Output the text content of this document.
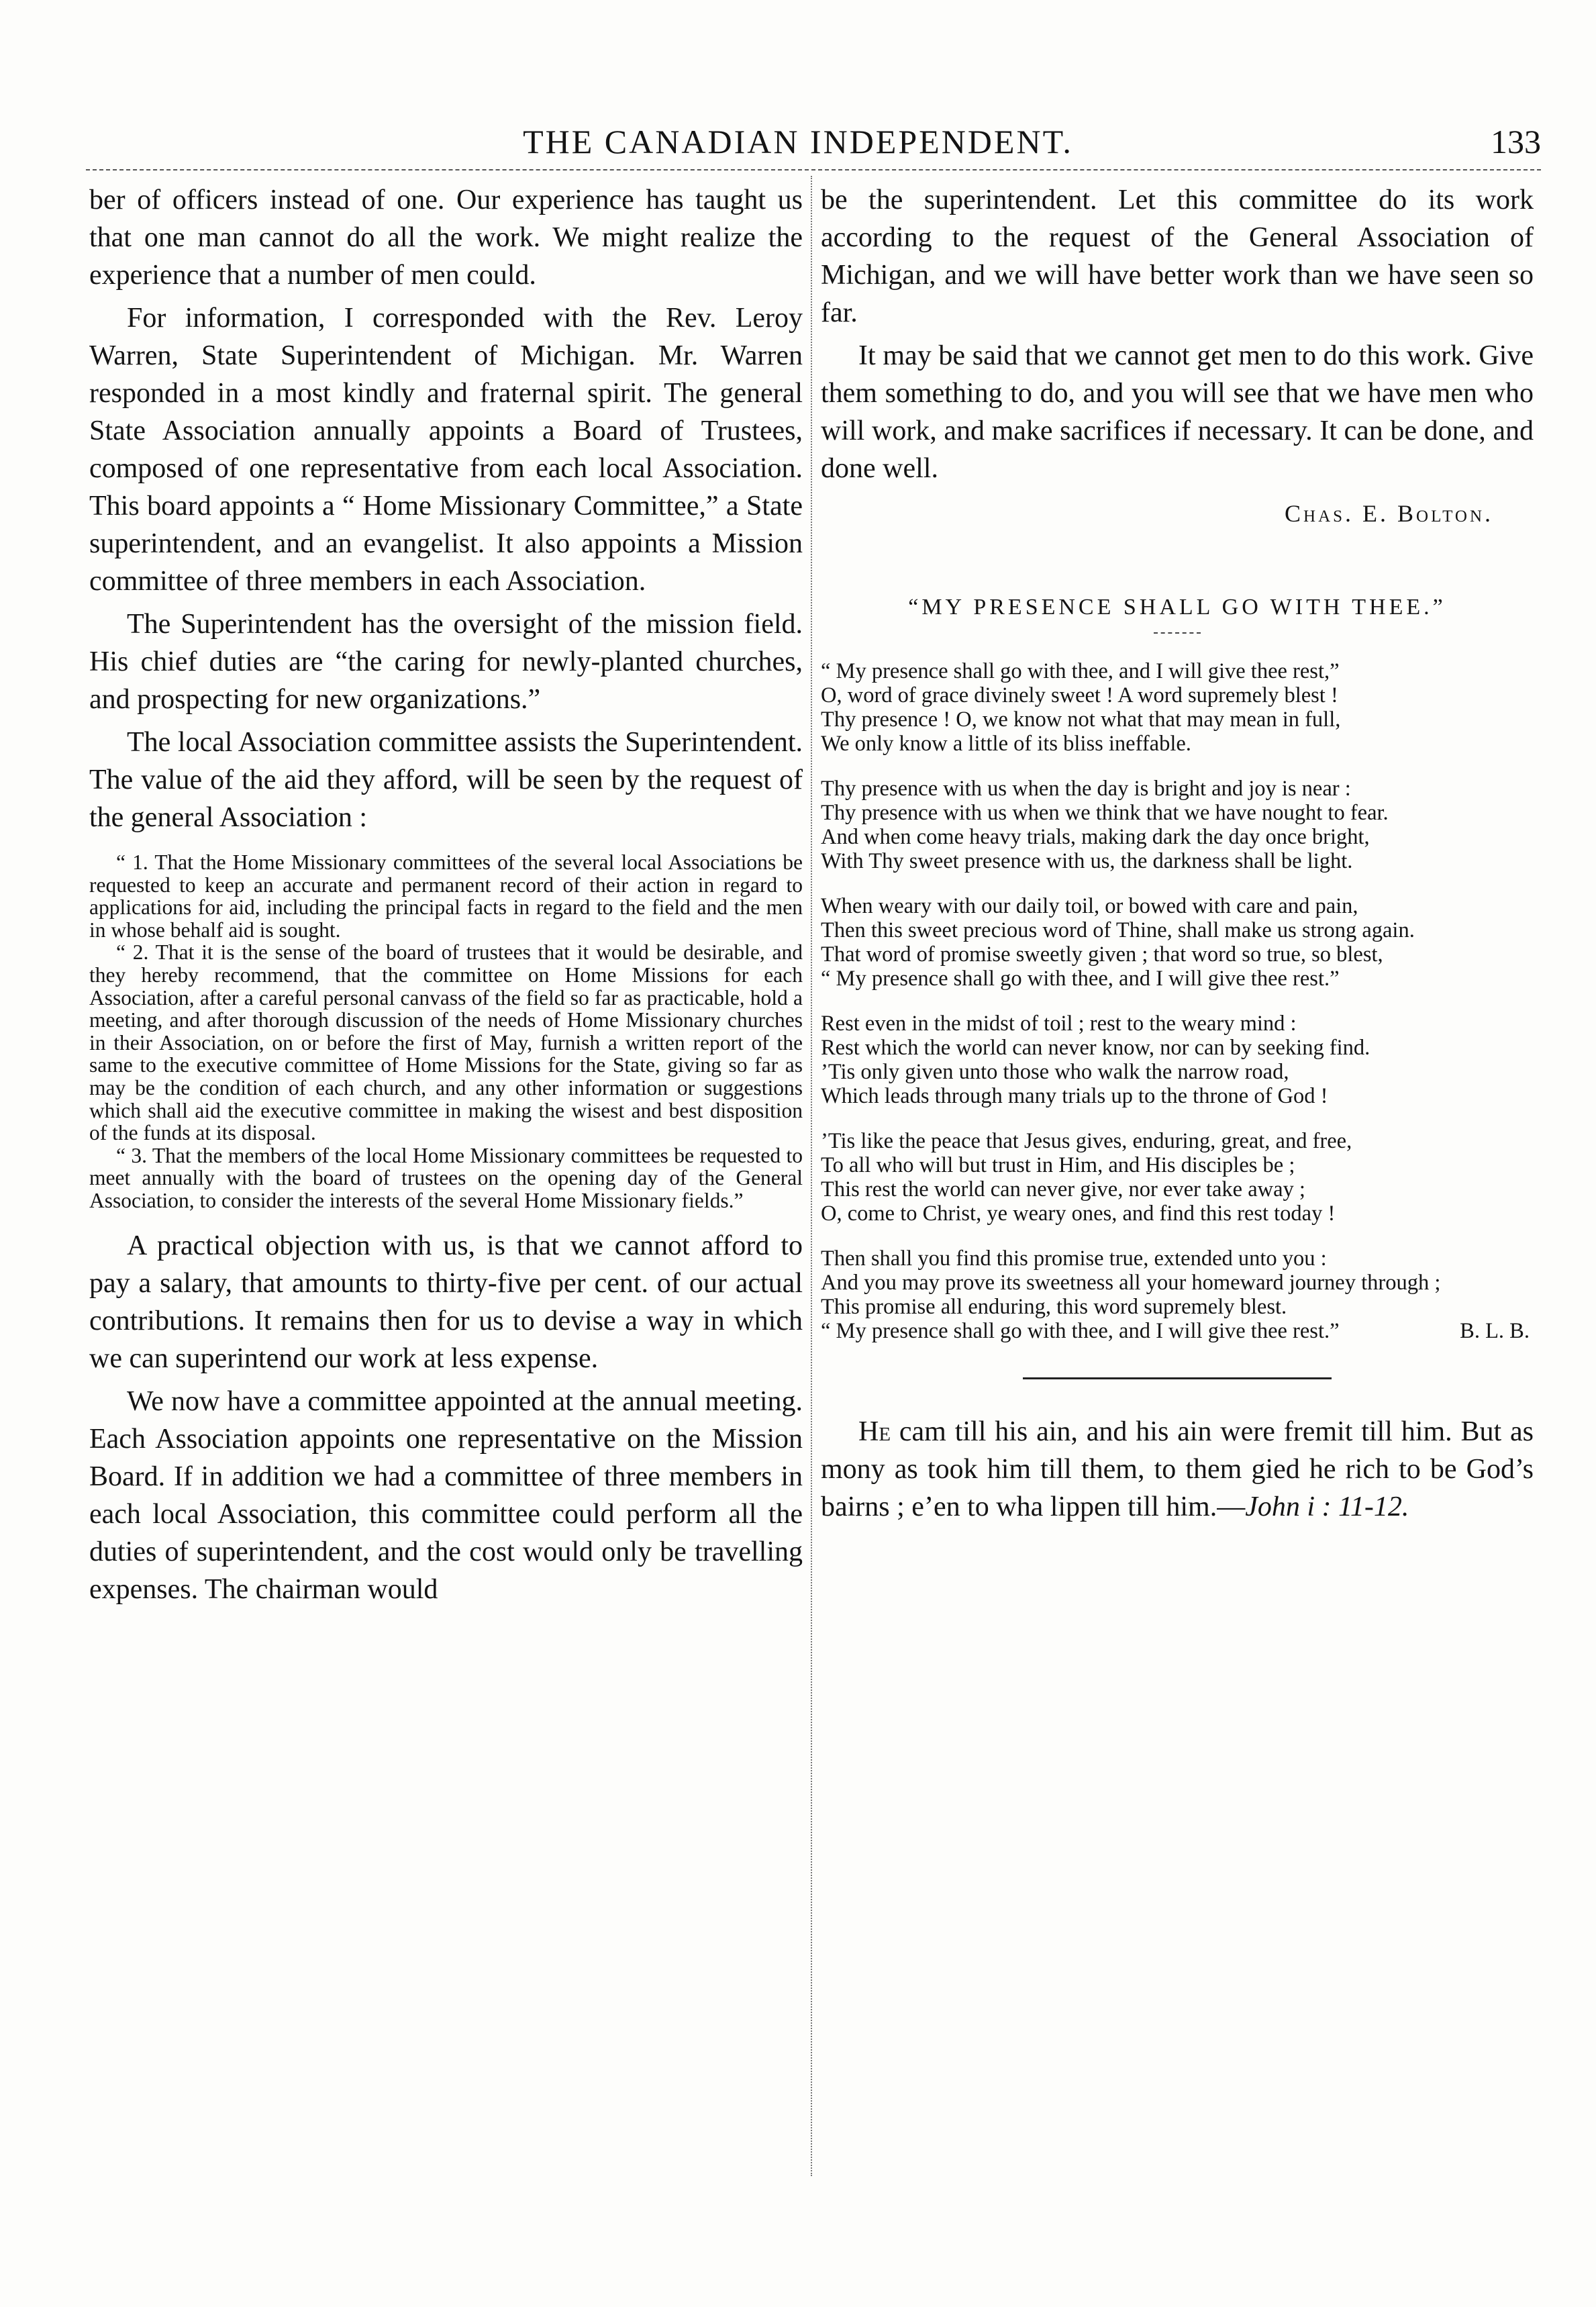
THE CANADIAN INDEPENDENT.	133

ber of officers instead of one. Our experience has taught us that one man cannot do all the work. We might realize the experience that a number of men could.

For information, I corresponded with the Rev. Leroy Warren, State Superintendent of Michigan. Mr. Warren responded in a most kindly and fraternal spirit. The general State Association annually appoints a Board of Trustees, composed of one representative from each local Association. This board appoints a “ Home Missionary Committee,” a State superintendent, and an evangelist. It also appoints a Mission committee of three members in each Association.

The Superintendent has the oversight of the mission field. His chief duties are “the caring for newly-planted churches, and prospecting for new organizations.”

The local Association committee assists the Superintendent. The value of the aid they afford, will be seen by the request of the general Association :

“ 1. That the Home Missionary committees of the several local Associations be requested to keep an accurate and permanent record of their action in regard to applications for aid, including the principal facts in regard to the field and the men in whose behalf aid is sought.

“ 2. That it is the sense of the board of trustees that it would be desirable, and they hereby recommend, that the committee on Home Missions for each Association, after a careful personal canvass of the field so far as practicable, hold a meeting, and after thorough discussion of the needs of Home Missionary churches in their Association, on or before the first of May, furnish a written report of the same to the executive committee of Home Missions for the State, giving so far as may be the condition of each church, and any other information or suggestions which shall aid the executive committee in making the wisest and best disposition of the funds at its disposal.

“ 3. That the members of the local Home Missionary committees be requested to meet annually with the board of trustees on the opening day of the General Association, to consider the interests of the several Home Missionary fields.”

A practical objection with us, is that we cannot afford to pay a salary, that amounts to thirty-five per cent. of our actual contributions. It remains then for us to devise a way in which we can superintend our work at less expense.

We now have a committee appointed at the annual meeting. Each Association appoints one representative on the Mission Board. If in addition we had a committee of three members in each local Association, this committee could perform all the duties of superintendent, and the cost would only be travelling expenses. The chairman would

be the superintendent. Let this committee do its work according to the request of the General Association of Michigan, and we will have better work than we have seen so far.

It may be said that we cannot get men to do this work. Give them something to do, and you will see that we have men who will work, and make sacrifices if necessary. It can be done, and done well.

Chas. E. Bolton.
“MY PRESENCE SHALL GO WITH THEE.”
“ My presence shall go with thee, and I will give thee rest,”
O, word of grace divinely sweet ! A word supremely blest !
Thy presence ! O, we know not what that may mean in full,
We only know a little of its bliss ineffable.
Thy presence with us when the day is bright and joy is near :
Thy presence with us when we think that we have nought to fear.
And when come heavy trials, making dark the day once bright,
With Thy sweet presence with us, the darkness shall be light.
When weary with our daily toil, or bowed with care and pain,
Then this sweet precious word of Thine, shall make us strong again.
That word of promise sweetly given ; that word so true, so blest,
“ My presence shall go with thee, and I will give thee rest.”
Rest even in the midst of toil ; rest to the weary mind :
Rest which the world can never know, nor can by seeking find.
’Tis only given unto those who walk the narrow road,
Which leads through many trials up to the throne of God !
’Tis like the peace that Jesus gives, enduring, great, and free,
To all who will but trust in Him, and His disciples be ;
This rest the world can never give, nor ever take away ;
O, come to Christ, ye weary ones, and find this rest today !
Then shall you find this promise true, extended unto you :
And you may prove its sweetness all your homeward journey through ;
This promise all enduring, this word supremely blest.
B. L. B.
“ My presence shall go with thee, and I will give thee rest.”

He cam till his ain, and his ain were fremit till him. But as mony as took him till them, to them gied he rich to be God’s bairns ; e’en to wha lippen till him.—John i : 11-12.
